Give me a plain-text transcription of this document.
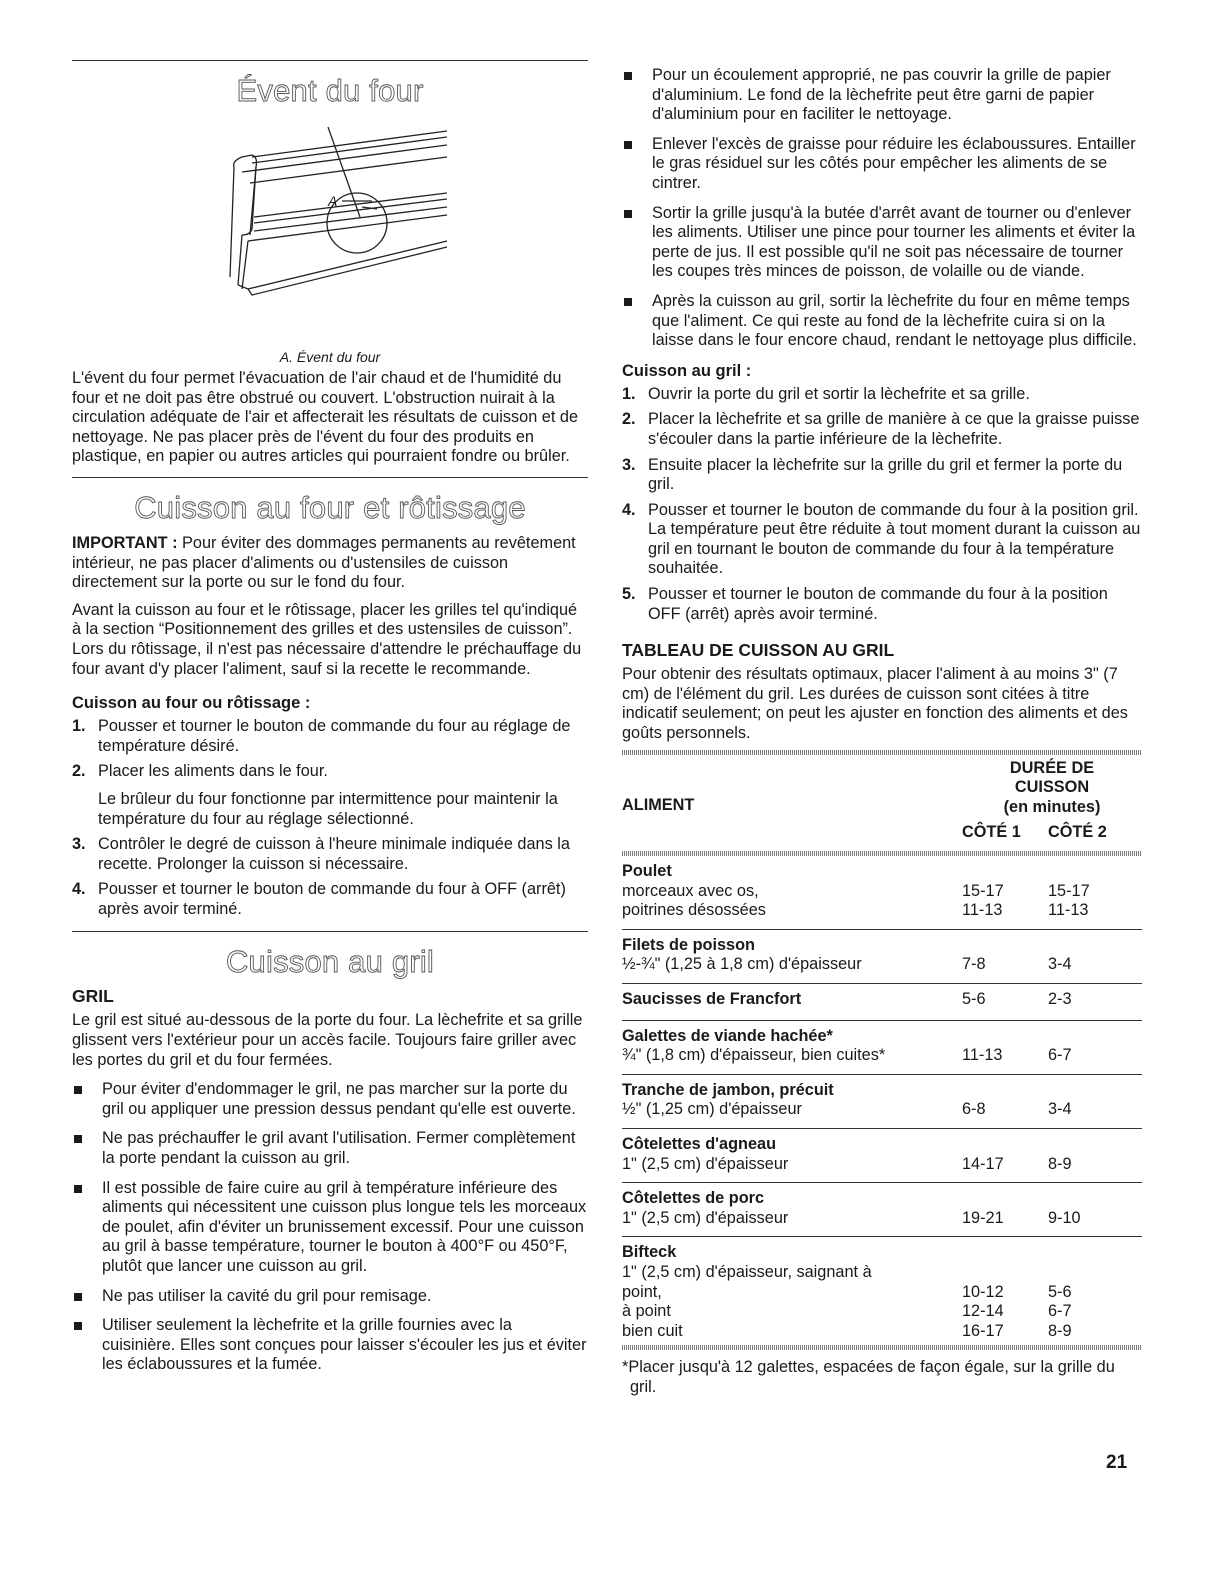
Évent du four
A
A. Évent du four

L'évent du four permet l'évacuation de l'air chaud et de l'humidité du four et ne doit pas être obstrué ou couvert. L'obstruction nuirait à la circulation adéquate de l'air et affecterait les résultats de cuisson et de nettoyage. Ne pas placer près de l'évent du four des produits en plastique, en papier ou autres articles qui pourraient fondre ou brûler.

Cuisson au four et rôtissage

IMPORTANT : Pour éviter des dommages permanents au revêtement intérieur, ne pas placer d'aliments ou d'ustensiles de cuisson directement sur la porte ou sur le fond du four.

Avant la cuisson au four et le rôtissage, placer les grilles tel qu'indiqué à la section “Positionnement des grilles et des ustensiles de cuisson”. Lors du rôtissage, il n'est pas nécessaire d'attendre le préchauffage du four avant d'y placer l'aliment, sauf si la recette le recommande.

Cuisson au four ou rôtissage :
1. Pousser et tourner le bouton de commande du four au réglage de température désiré.
2. Placer les aliments dans le four.
Le brûleur du four fonctionne par intermittence pour maintenir la température du four au réglage sélectionné.
3. Contrôler le degré de cuisson à l'heure minimale indiquée dans la recette. Prolonger la cuisson si nécessaire.
4. Pousser et tourner le bouton de commande du four à OFF (arrêt) après avoir terminé.
Cuisson au gril
GRIL

Le gril est situé au-dessous de la porte du four. La lèchefrite et sa grille glissent vers l'extérieur pour un accès facile. Toujours faire griller avec les portes du gril et du four fermées.

Pour éviter d'endommager le gril, ne pas marcher sur la porte du gril ou appliquer une pression dessus pendant qu'elle est ouverte.
Ne pas préchauffer le gril avant l'utilisation. Fermer complètement la porte pendant la cuisson au gril.
Il est possible de faire cuire au gril à température inférieure des aliments qui nécessitent une cuisson plus longue tels les morceaux de poulet, afin d'éviter un brunissement excessif. Pour une cuisson au gril à basse température, tourner le bouton à 400°F ou 450°F, plutôt que lancer une cuisson au gril.
Ne pas utiliser la cavité du gril pour remisage.
Utiliser seulement la lèchefrite et la grille fournies avec la cuisinière. Elles sont conçues pour laisser s'écouler les jus et éviter les éclaboussures et la fumée.
Pour un écoulement approprié, ne pas couvrir la grille de papier d'aluminium. Le fond de la lèchefrite peut être garni de papier d'aluminium pour en faciliter le nettoyage.
Enlever l'excès de graisse pour réduire les éclaboussures. Entailler le gras résiduel sur les côtés pour empêcher les aliments de se cintrer.
Sortir la grille jusqu'à la butée d'arrêt avant de tourner ou d'enlever les aliments. Utiliser une pince pour tourner les aliments et éviter la perte de jus. Il est possible qu'il ne soit pas nécessaire de tourner les coupes très minces de poisson, de volaille ou de viande.
Après la cuisson au gril, sortir la lèchefrite du four en même temps que l'aliment. Ce qui reste au fond de la lèchefrite cuira si on la laisse dans le four encore chaud, rendant le nettoyage plus difficile.
Cuisson au gril :
1. Ouvrir la porte du gril et sortir la lèchefrite et sa grille.
2. Placer la lèchefrite et sa grille de manière à ce que la graisse puisse s'écouler dans la partie inférieure de la lèchefrite.
3. Ensuite placer la lèchefrite sur la grille du gril et fermer la porte du gril.
4. Pousser et tourner le bouton de commande du four à la position gril. La température peut être réduite à tout moment durant la cuisson au gril en tournant le bouton de commande du four à la température souhaitée.
5. Pousser et tourner le bouton de commande du four à la position OFF (arrêt) après avoir terminé.
TABLEAU DE CUISSON AU GRIL

Pour obtenir des résultats optimaux, placer l'aliment à au moins 3" (7 cm) de l'élément du gril. Les durées de cuisson sont citées à titre indicatif seulement; on peut les ajuster en fonction des aliments et des goûts personnels.

ALIMENT	DURÉE DE
CUISSON
(en minutes)	

	CÔTÉ 1	CÔTÉ 2

Poulet		
morceaux avec os,	15-17	15-17
poitrines désossées	11-13	11-13
Filets de poisson		
½-¾" (1,25 à 1,8 cm) d'épaisseur	7-8	3-4
Saucisses de Francfort	5-6	2-3
Galettes de viande hachée*		
¾" (1,8 cm) d'épaisseur, bien cuites*	11-13	6-7
Tranche de jambon, précuit		
½" (1,25 cm) d'épaisseur	6-8	3-4
Côtelettes d'agneau		
1" (2,5 cm) d'épaisseur	14-17	8-9
Côtelettes de porc		
1" (2,5 cm) d'épaisseur	19-21	9-10
Bifteck		
1" (2,5 cm) d'épaisseur, saignant à		
point,	10-12	5-6
à point	12-14	6-7
bien cuit	16-17	8-9

*Placer jusqu'à 12 galettes, espacées de façon égale, sur la grille du gril.

21
